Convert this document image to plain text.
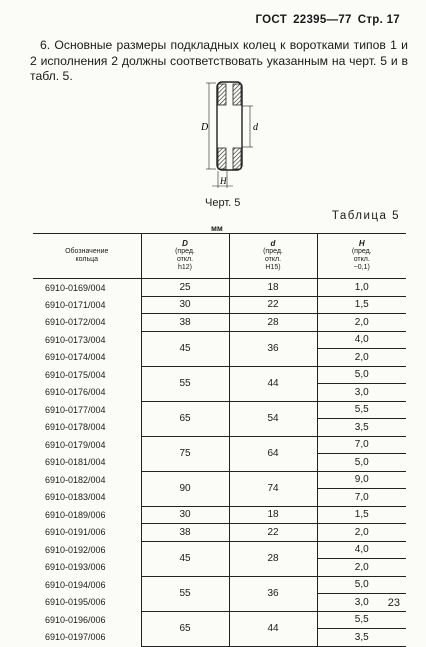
ГОСТ 22395—77 Стр. 17

6. Основные размеры подкладных колец к воротками типов 1 и 2 исполнения 2 должны соответствовать указанным на черт. 5 и в табл. 5.

D	d
H
Черт. 5
Таблица 5
мм
Обозначение
кольца	D
(пред.
откл.
h12)	d
(пред.
откл.
H15)	H
(пред.
откл.
−0,1)
6910-0169/004	25	18	1,0
6910-0171/004	30	22	1,5
6910-0172/004	38	28	2,0
6910-0173/004	45	36	4,0
6910-0174/004			2,0
6910-0175/004	55	44	5,0
6910-0176/004			3,0
6910-0177/004	65	54	5,5
6910-0178/004			3,5
6910-0179/004	75	64	7,0
6910-0181/004			5,0
6910-0182/004	90	74	9,0
6910-0183/004			7,0
6910-0189/006	30	18	1,5
6910-0191/006	38	22	2,0
6910-0192/006	45	28	4,0
6910-0193/006			2,0
6910-0194/006	55	36	5,0
6910-0195/006			3,0
6910-0196/006	65	44	5,5
6910-0197/006			3,5
23
